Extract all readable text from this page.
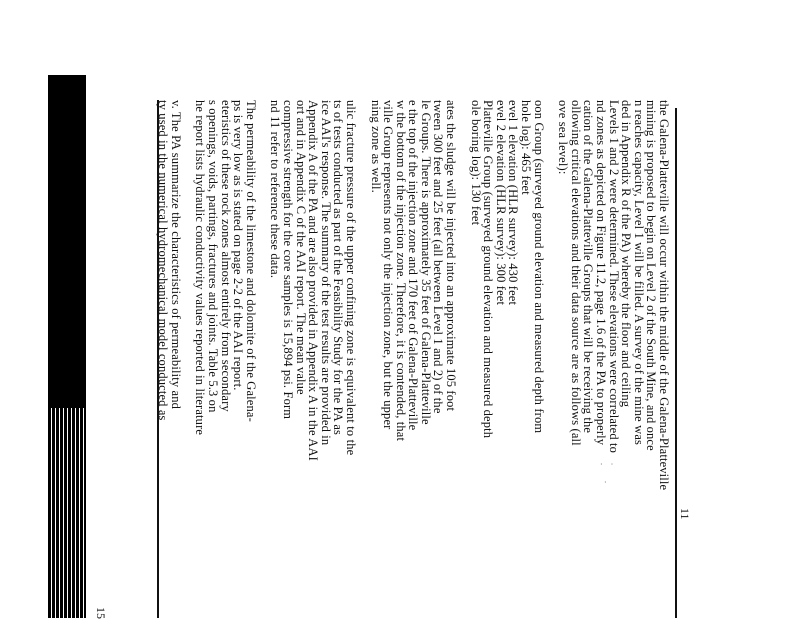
15
11
·    ·

·	the Galena-Platteville will occur within the middle of the Galena-Platteville
mining is proposed to begin on Level 2 of the South Mine, and once
n reaches capacity, Level 1 will be filled. A survey of the mine was
ded in Appendix R of the PA) whereby the floor and ceiling
Levels 1 and 2 were determined. These elevations were correlated to
nd zones as depicted on Figure 11.2, page 1.6 of the PA to properly
cation of the Galena-Platteville Groups that will be receiving the
ollowing critical elevations and their data source are as follows (all
ove sea level):
oon Group (surveyed ground elevation and measured depth from
hole log): 465 feet
evel 1 elevation (HLR survey): 430 feet
evel 2 elevation (HLR survey): 300 feet
Platteville Group (surveyed ground elevation and measured depth
ole boring log): 130 feet
ates the sludge will be injected into an approximate 105 foot
tween 300 feet and 25 feet (all between Level 1 and 2) of the
le Groups. There is approximately 35 feet of Galena-Platteville
e the top of the injection zone and 170 feet of Galena-Platteville
w the bottom of the injection zone. Therefore, it is contended, that
ville Group represents not only the injection zone, but the upper
ning zone as well.
ulic fracture pressure of the upper confining zone is equivalent to the
ts of tests conducted as part of the Feasibility Study for the PA as
ice AAI's response. The summary of the test results are provided in
Appendix A of the PA and are also provided in Appendix A in the AAI
ort and in Appendix C of the AAI report. The mean value
compressive strength for the core samples is 15,894 psi. Form
nd 11 refer to reference these data.
The permeability of the limestone and dolomite of the Galena-
ps is very low as is stated on page 2-2 of the AAI report.
eteristics of these rock zones almost entirely from secondary
s openings, voids, partings, fractures and joints. Table 5.3 on
he report lists hydraulic conductivity values reported in literature
v. The PA summarize the characteristics of permeability and
ty used in the numerical hydromechanical model conducted as
